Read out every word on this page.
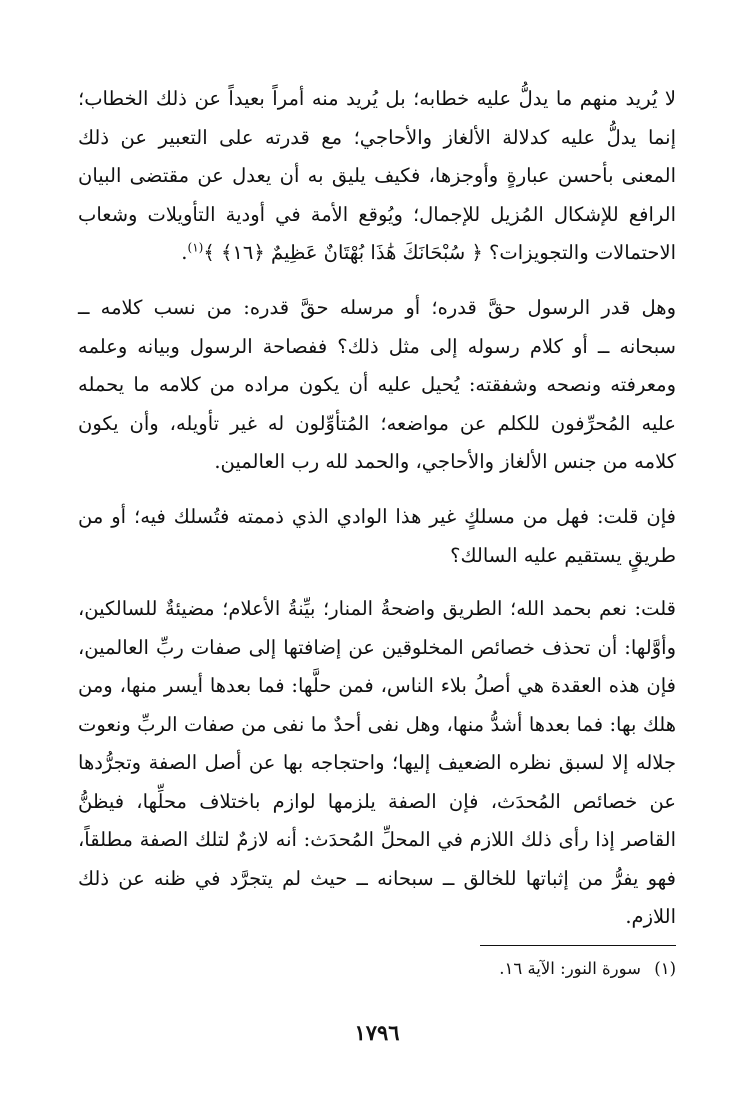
لا يُريد منهم ما يدلُّ عليه خطابه؛ بل يُريد منه أمراً بعيداً عن ذلك الخطاب؛ إنما يدلُّ عليه كدلالة الألغاز والأحاجي؛ مع قدرته على التعبير عن ذلك المعنى بأحسن عبارةٍ وأوجزها، فكيف يليق به أن يعدل عن مقتضى البيان الرافع للإشكال المُزيل للإجمال؛ ويُوقع الأمة في أودية التأويلات وشعاب الاحتمالات والتجويزات؟ ﴿ سُبْحَانَكَ هَٰذَا بُهْتَانٌ عَظِيمٌ ﴿١٦﴾ ﴾$^{(١)}$.

وهل قدر الرسول حقَّ قدره؛ أو مرسله حقَّ قدره: من نسب كلامه ــ سبحانه ــ أو كلام رسوله إلى مثل ذلك؟ ففصاحة الرسول وبيانه وعلمه ومعرفته ونصحه وشفقته: يُحيل عليه أن يكون مراده من كلامه ما يحمله عليه المُحرِّفون للكلم عن مواضعه؛ المُتأوِّلون له غير تأويله، وأن يكون كلامه من جنس الألغاز والأحاجي، والحمد لله رب العالمين.

فإن قلت: فهل من مسلكٍ غير هذا الوادي الذي ذممته فتُسلك فيه؛ أو من طريقٍ يستقيم عليه السالك؟

قلت: نعم بحمد الله؛ الطريق واضحةُ المنار؛ بيِّنةُ الأعلام؛ مضيئةٌ للسالكين، وأوَّلها: أن تحذف خصائص المخلوقين عن إضافتها إلى صفات ربِّ العالمين، فإن هذه العقدة هي أصلُ بلاء الناس، فمن حلَّها: فما بعدها أيسر منها، ومن هلك بها: فما بعدها أشدُّ منها، وهل نفى أحدٌ ما نفى من صفات الربِّ ونعوت جلاله إلا لسبق نظره الضعيف إليها؛ واحتجاجه بها عن أصل الصفة وتجرُّدها عن خصائص المُحدَث، فإن الصفة يلزمها لوازم باختلاف محلِّها، فيظنُّ القاصر إذا رأى ذلك اللازم في المحلِّ المُحدَث: أنه لازمٌ لتلك الصفة مطلقاً، فهو يفرُّ من إثباتها للخالق ــ سبحانه ــ حيث لم يتجرَّد في ظنه عن ذلك اللازم.

(١) سورة النور: الآية ١٦.
١٧٩٦
